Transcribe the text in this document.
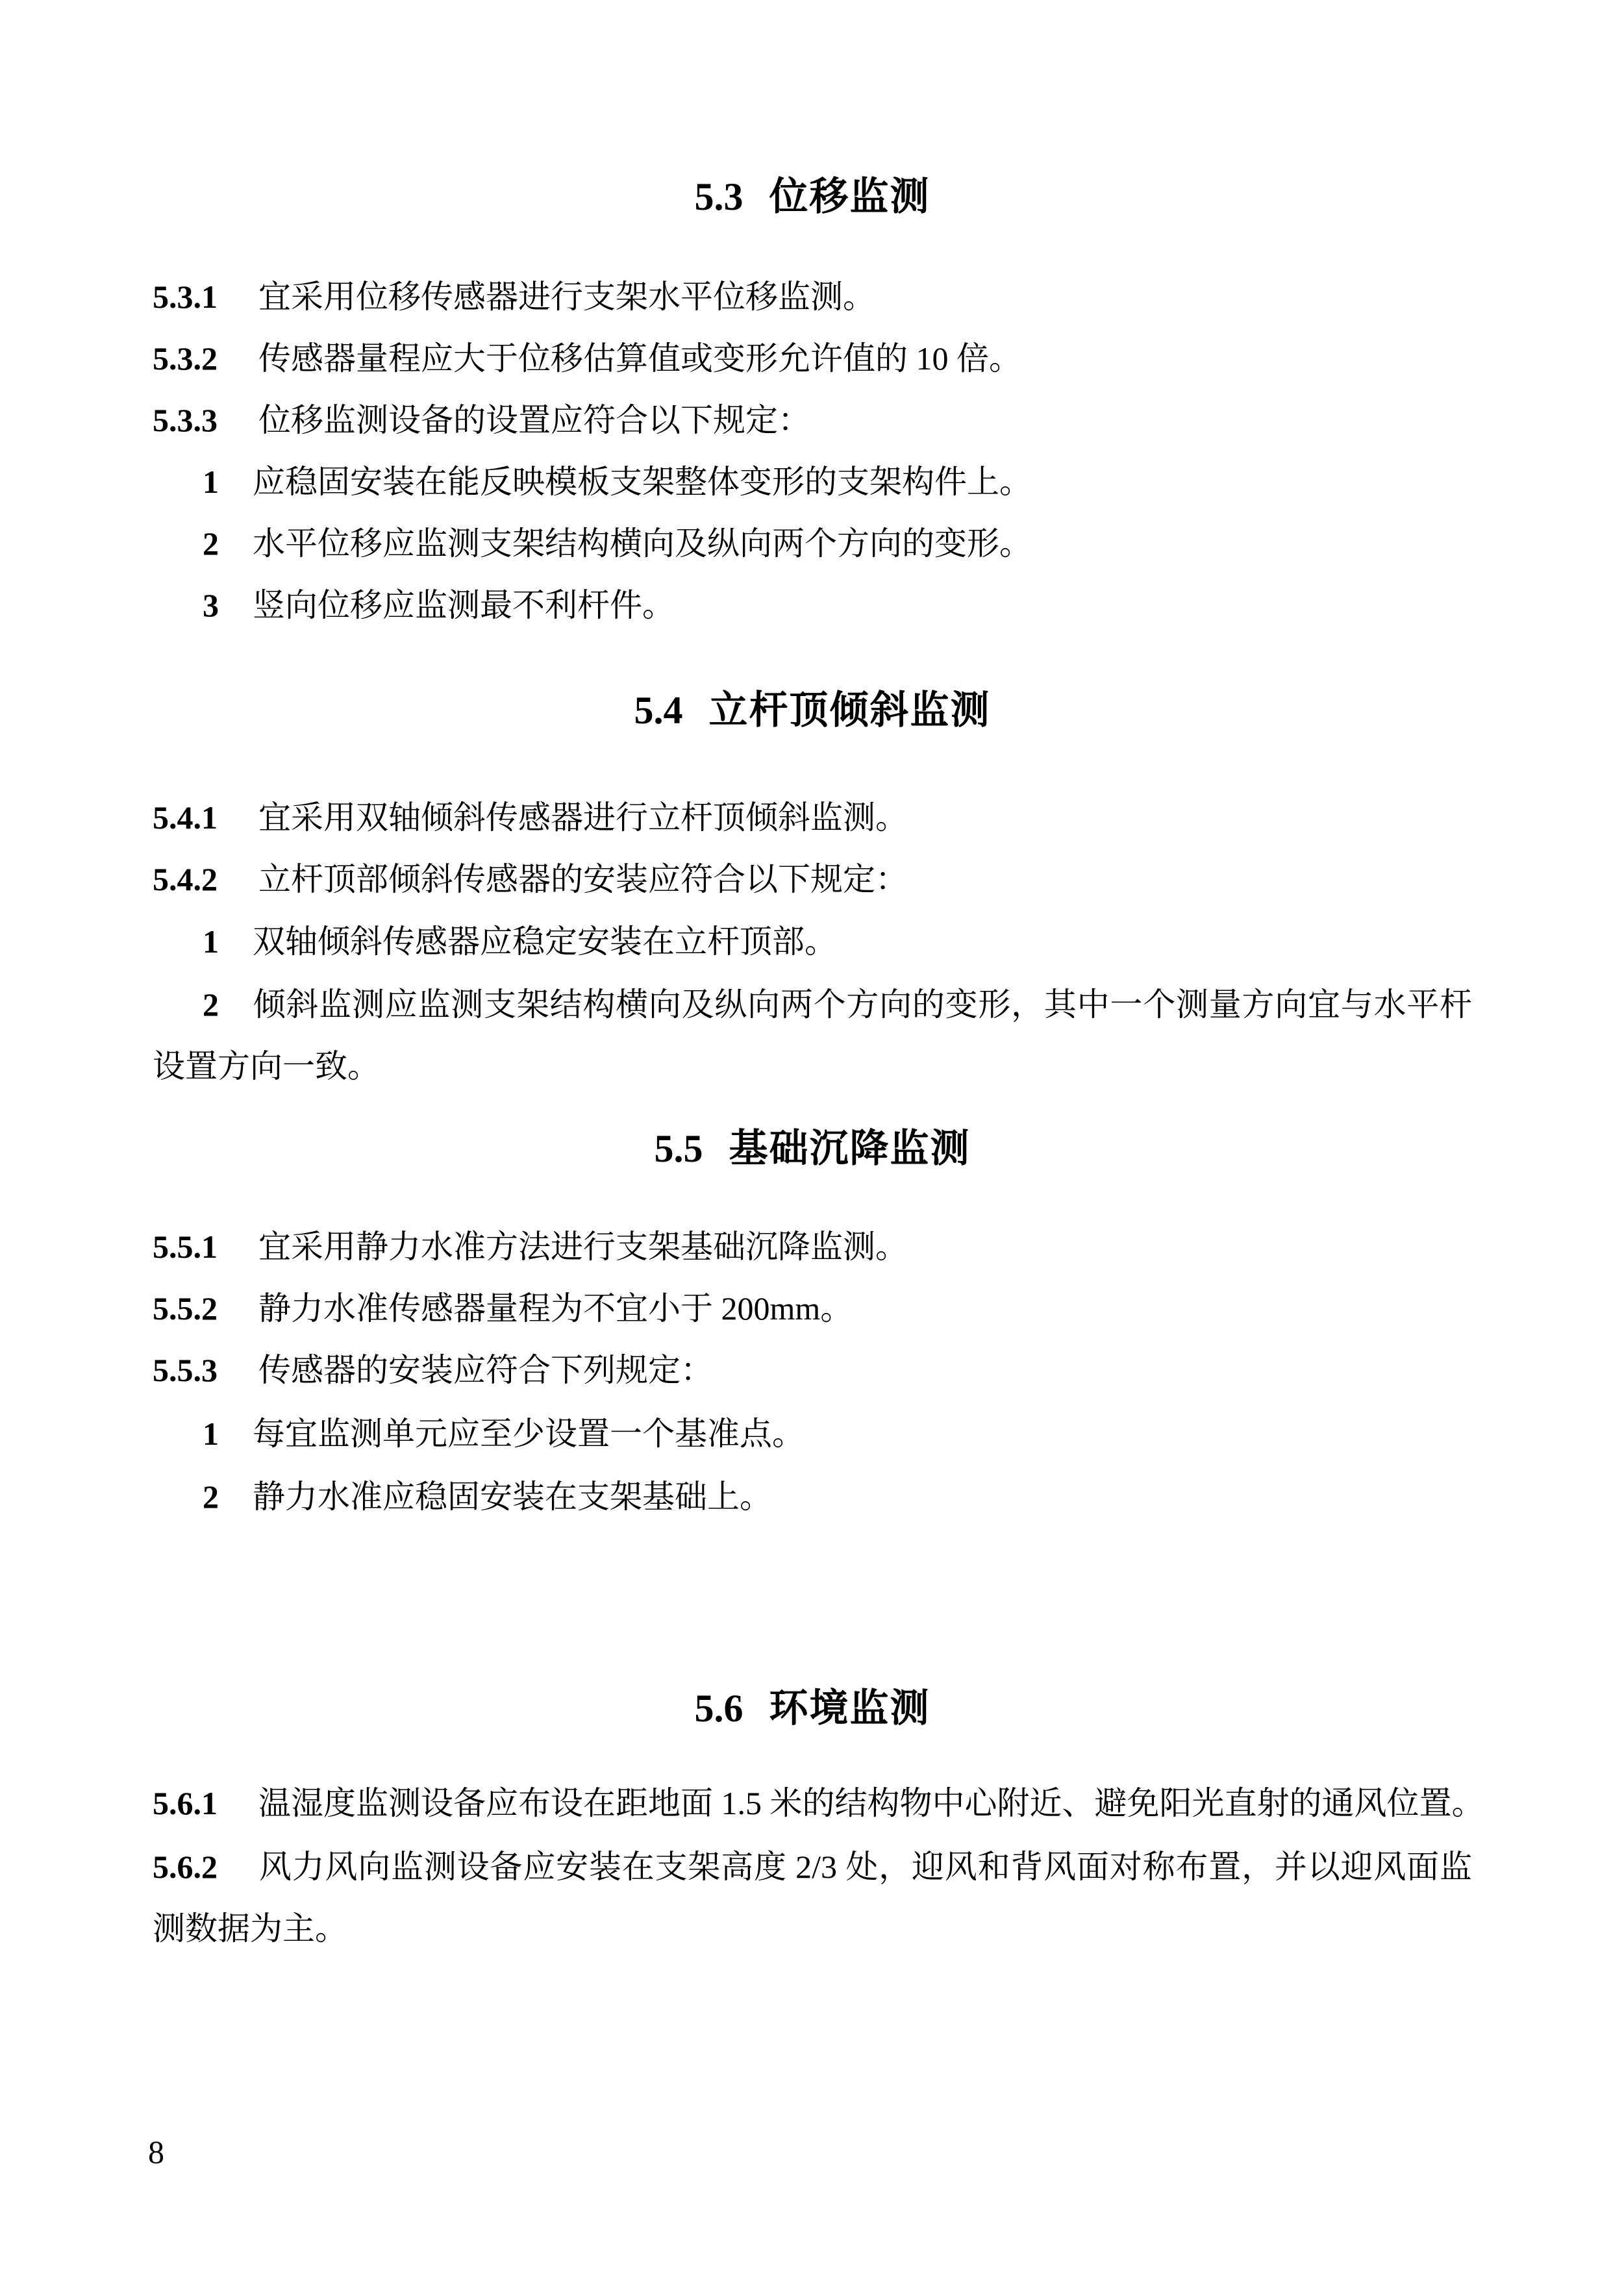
5.3 位移监测
5.3.1 宜采用位移传感器进行支架水平位移监测。
5.3.2 传感器量程应大于位移估算值或变形允许值的 10 倍。
5.3.3 位移监测设备的设置应符合以下规定：
1 应稳固安装在能反映模板支架整体变形的支架构件上。
2 水平位移应监测支架结构横向及纵向两个方向的变形。
3 竖向位移应监测最不利杆件。
5.4 立杆顶倾斜监测
5.4.1 宜采用双轴倾斜传感器进行立杆顶倾斜监测。
5.4.2 立杆顶部倾斜传感器的安装应符合以下规定：
1 双轴倾斜传感器应稳定安装在立杆顶部。
2 倾斜监测应监测支架结构横向及纵向两个方向的变形，其中一个测量方向宜与水平杆设置方向一致。
5.5 基础沉降监测
5.5.1 宜采用静力水准方法进行支架基础沉降监测。
5.5.2 静力水准传感器量程为不宜小于 200mm。
5.5.3 传感器的安装应符合下列规定：
1 每宜监测单元应至少设置一个基准点。
2 静力水准应稳固安装在支架基础上。
5.6 环境监测
5.6.1 温湿度监测设备应布设在距地面 1.5 米的结构物中心附近、避免阳光直射的通风位置。
5.6.2 风力风向监测设备应安装在支架高度 2/3 处，迎风和背风面对称布置，并以迎风面监测数据为主。
8
